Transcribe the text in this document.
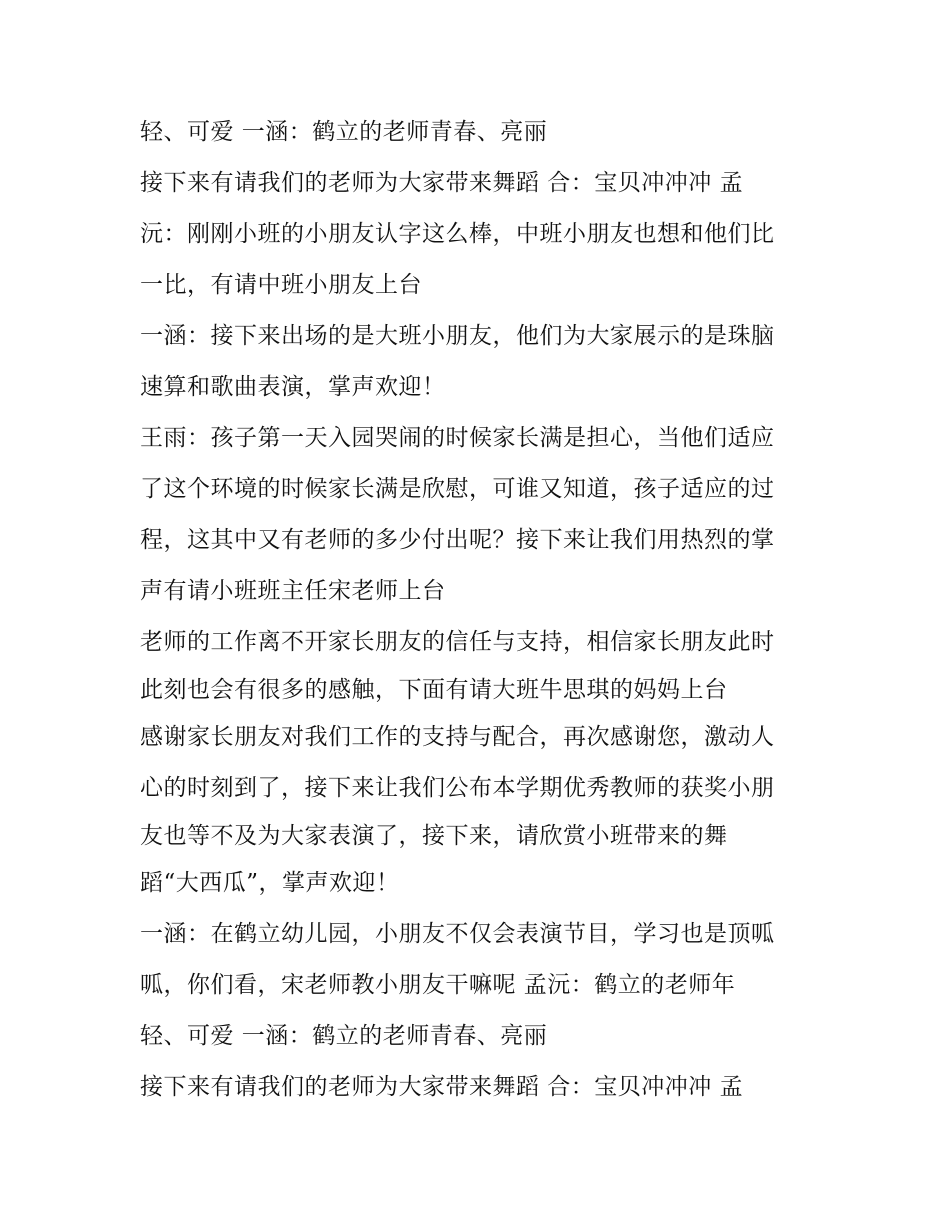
轻、可爱 一涵：鹤立的老师青春、亮丽
接下来有请我们的老师为大家带来舞蹈 合：宝贝冲冲冲 孟
沅：刚刚小班的小朋友认字这么棒，中班小朋友也想和他们比
一比，有请中班小朋友上台
一涵：接下来出场的是大班小朋友，他们为大家展示的是珠脑
速算和歌曲表演，掌声欢迎！
王雨：孩子第一天入园哭闹的时候家长满是担心，当他们适应
了这个环境的时候家长满是欣慰，可谁又知道，孩子适应的过
程，这其中又有老师的多少付出呢？接下来让我们用热烈的掌
声有请小班班主任宋老师上台
老师的工作离不开家长朋友的信任与支持，相信家长朋友此时
此刻也会有很多的感触，下面有请大班牛思琪的妈妈上台
感谢家长朋友对我们工作的支持与配合，再次感谢您，激动人
心的时刻到了，接下来让我们公布本学期优秀教师的获奖小朋
友也等不及为大家表演了，接下来，请欣赏小班带来的舞
蹈“大西瓜”，掌声欢迎！
一涵：在鹤立幼儿园，小朋友不仅会表演节目，学习也是顶呱
呱，你们看，宋老师教小朋友干嘛呢 孟沅：鹤立的老师年
轻、可爱 一涵：鹤立的老师青春、亮丽
接下来有请我们的老师为大家带来舞蹈 合：宝贝冲冲冲 孟
